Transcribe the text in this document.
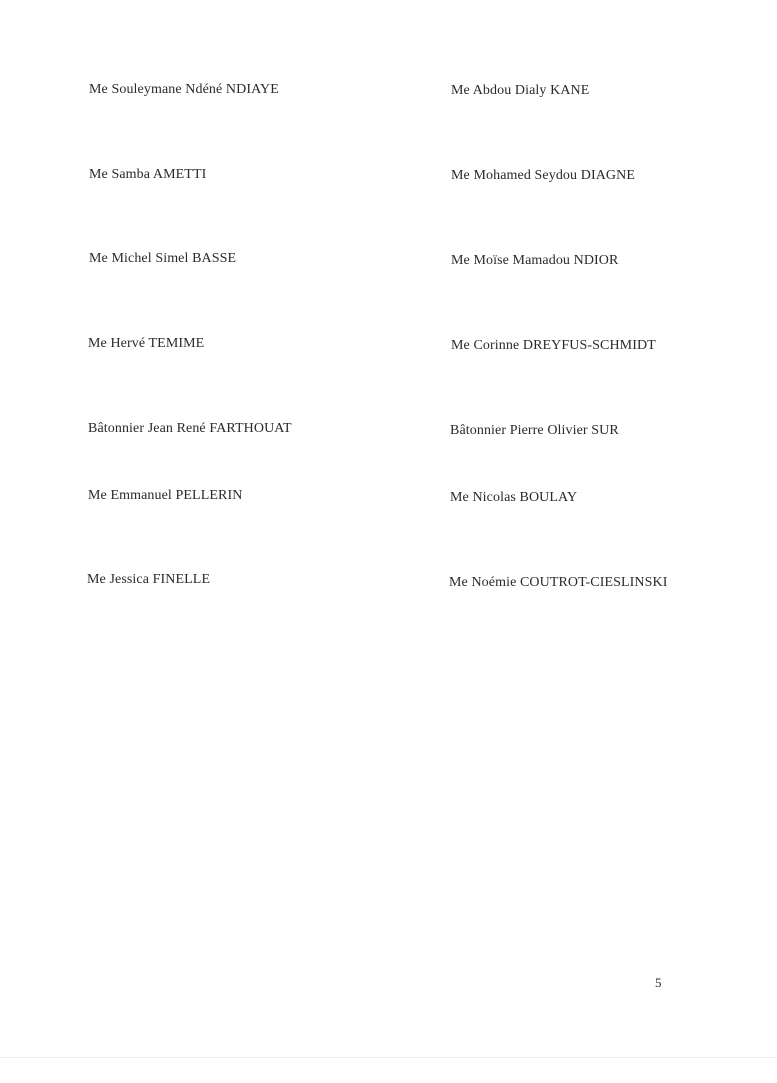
Me Souleymane Ndéné NDIAYE
Me Samba AMETTI
Me Michel Simel BASSE
Me Hervé TEMIME
Bâtonnier Jean René FARTHOUAT
Me Emmanuel PELLERIN
Me Jessica FINELLE
Me Abdou Dialy KANE
Me Mohamed Seydou DIAGNE
Me Moïse Mamadou NDIOR
Me Corinne DREYFUS-SCHMIDT
Bâtonnier Pierre Olivier SUR
Me Nicolas BOULAY
Me Noémie COUTROT-CIESLINSKI
5
